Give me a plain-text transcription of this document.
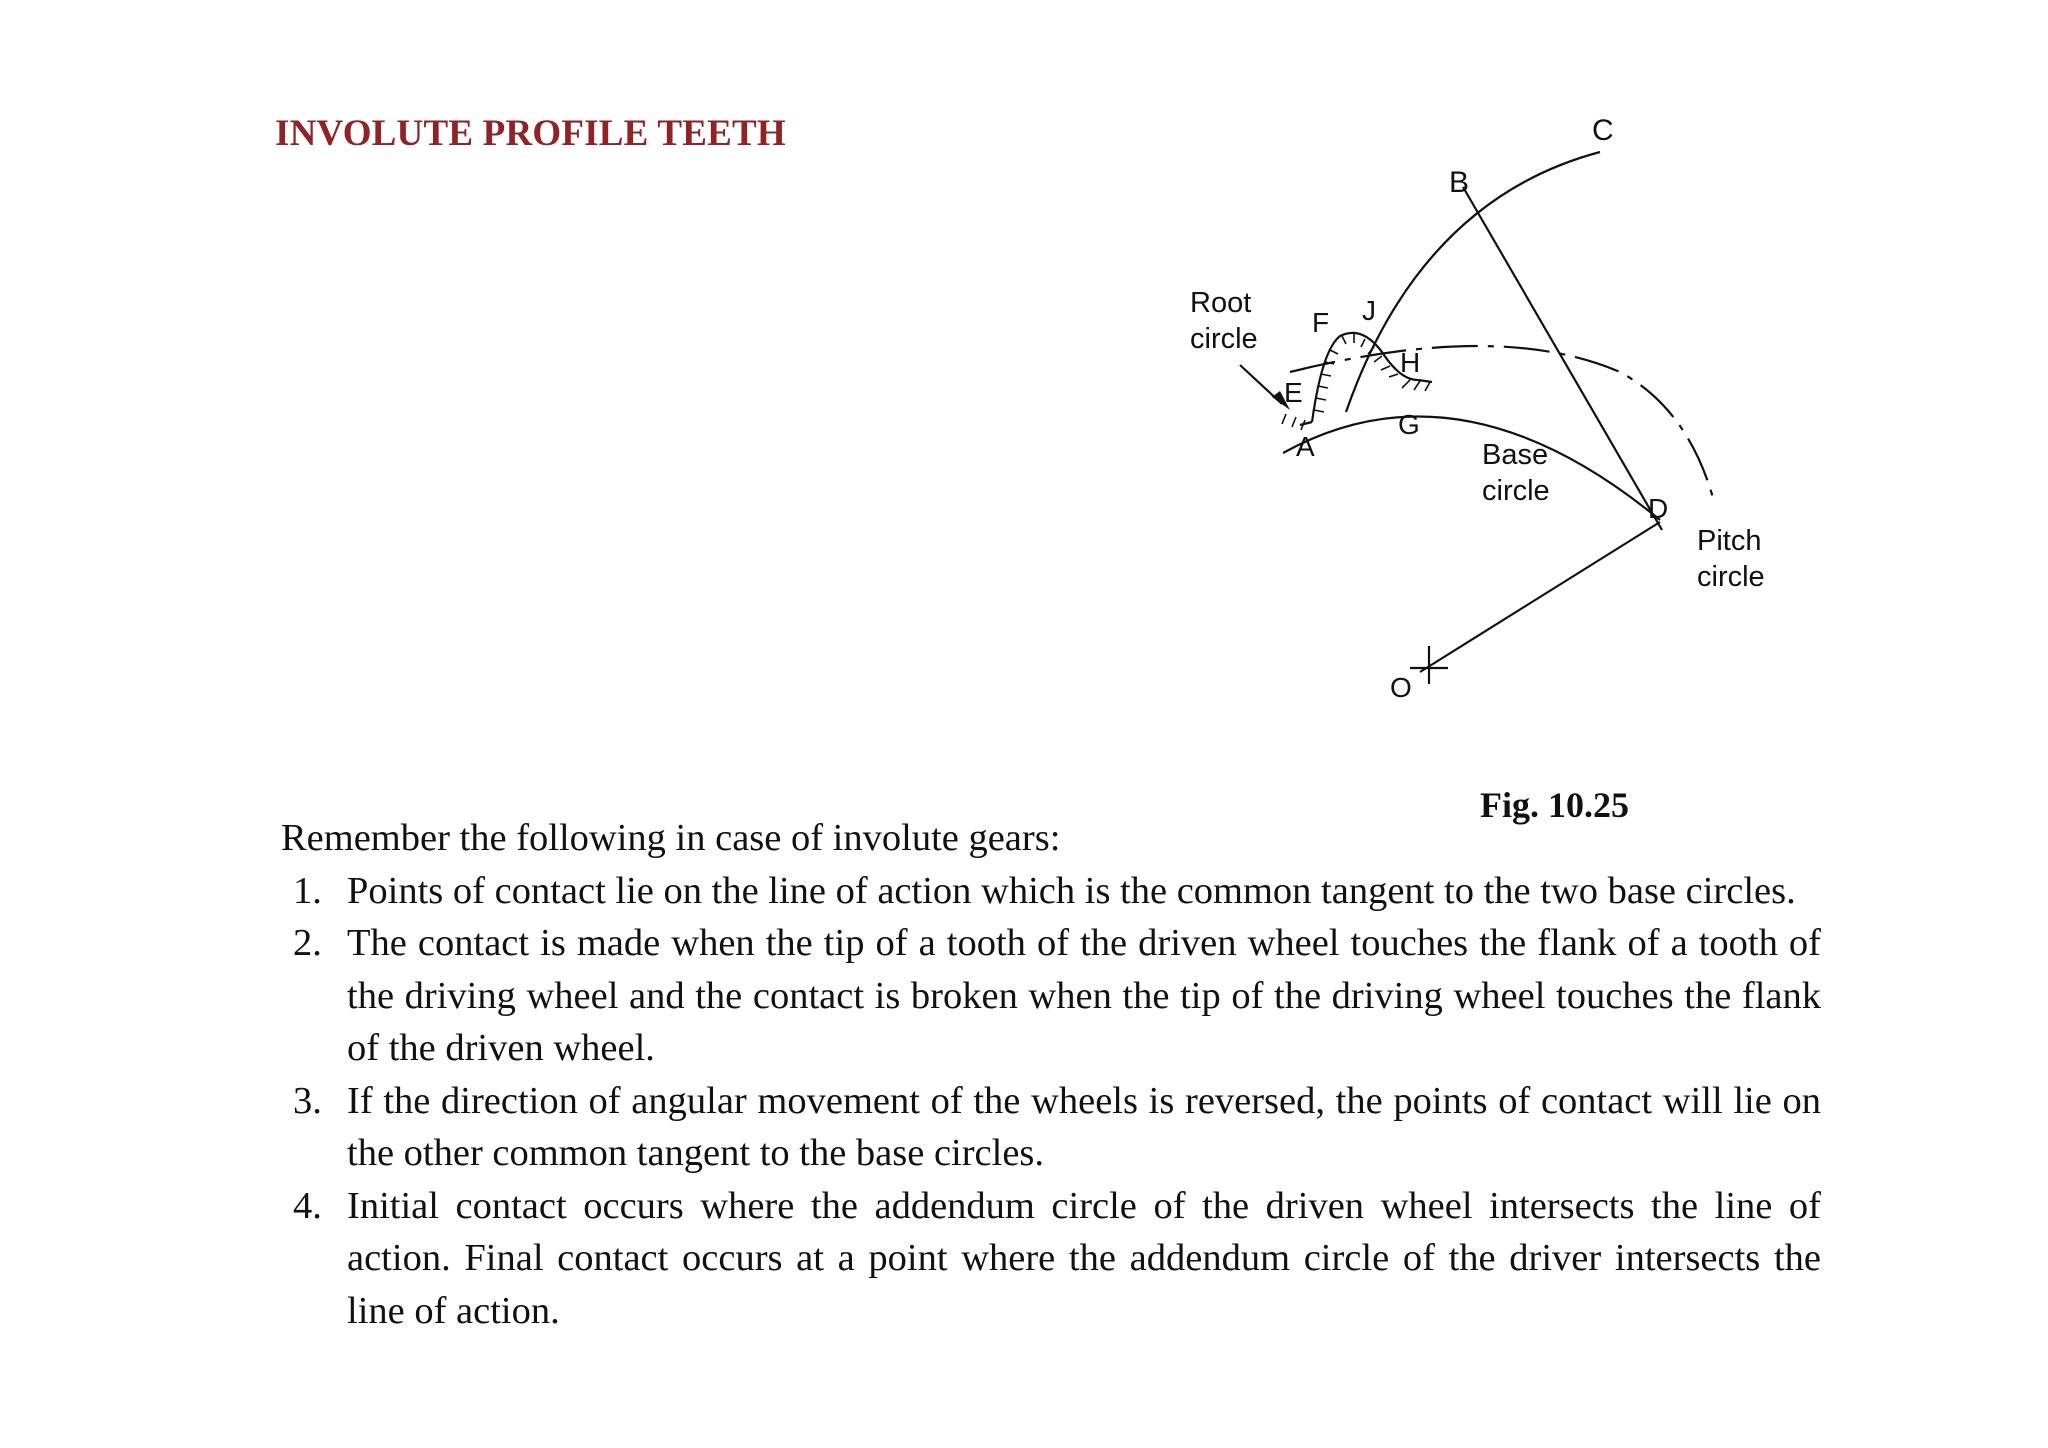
INVOLUTE PROFILE TEETH	C
B
J
F
H
E
G
A
D
O
Root
circle
Base
circle
Pitch
circle
Fig. 10.25

Remember the following in case of involute gears:

1. Points of contact lie on the line of action which is the common tangent to the two base circles.
2. The contact is made when the tip of a tooth of the driven wheel touches the flank of a tooth of the driving wheel and the contact is broken when the tip of the driving wheel touches the flank of the driven wheel.
3. If the direction of angular movement of the wheels is reversed, the points of contact will lie on the other common tangent to the base circles.
4. Initial contact occurs where the addendum circle of the driven wheel intersects the line of action. Final contact occurs at a point where the addendum circle of the driver intersects the line of action.
